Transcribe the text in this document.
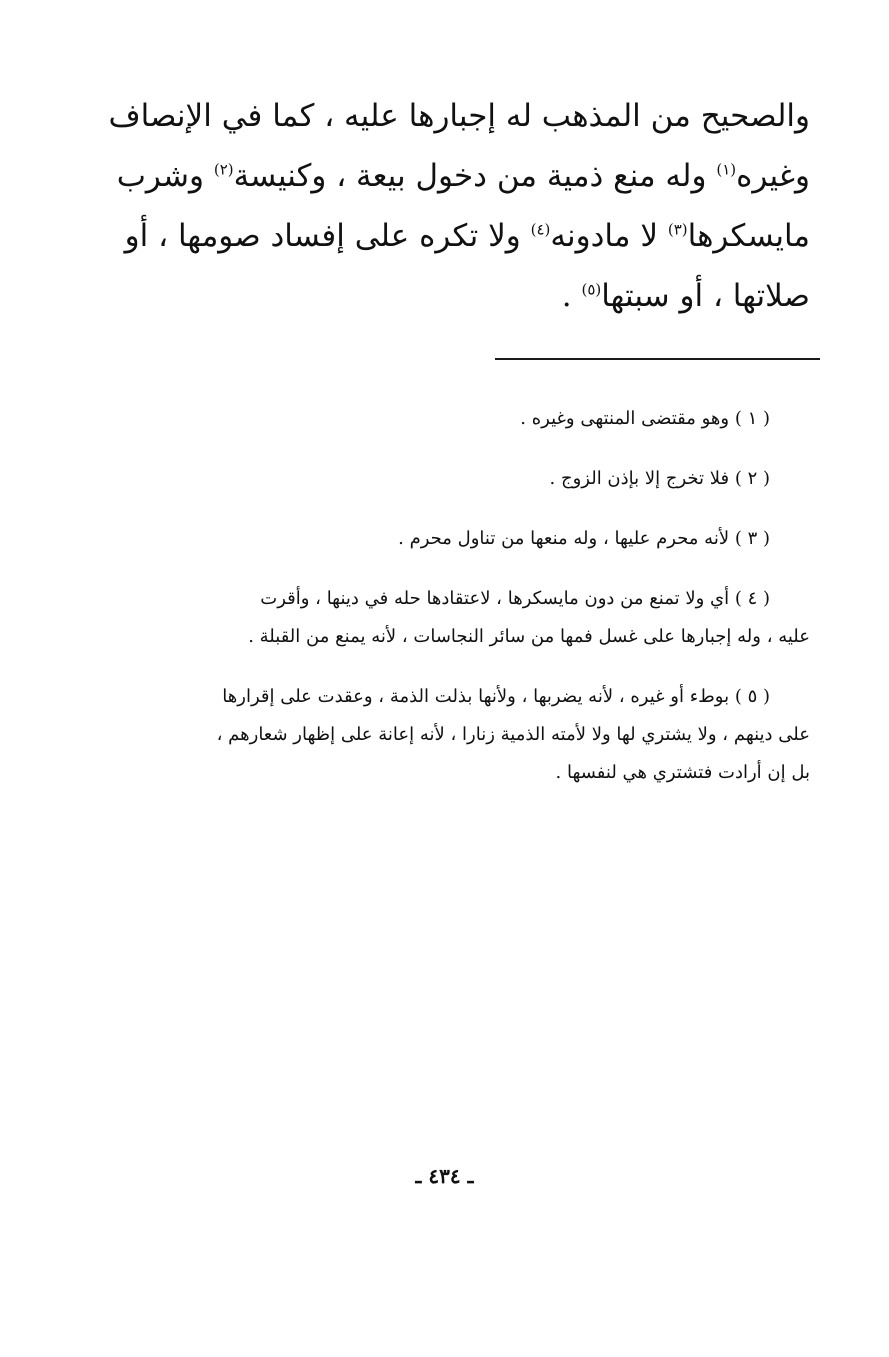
والصحيح من المذهب له إجبارها عليه ، كما في الإنصاف
وغيره$^{(١)}$ وله منع ذمية من دخول بيعة ، وكنيسة$^{(٢)}$ وشرب
مايسكرها$^{(٣)}$ لا مادونه$^{(٤)}$ ولا تكره على إفساد صومها ، أو
صلاتها ، أو سبتها$^{(٥)}$ .
( ١ ) وهو مقتضى المنتهى وغيره .
( ٢ ) فلا تخرج إلا بإذن الزوج .
( ٣ ) لأنه محرم عليها ، وله منعها من تناول محرم .
( ٤ ) أي ولا تمنع من دون مايسكرها ، لاعتقادها حله في دينها ، وأقرت
عليه ، وله إجبارها على غسل فمها من سائر النجاسات ، لأنه يمنع من القبلة .
( ٥ ) بوطء أو غيره ، لأنه يضربها ، ولأنها بذلت الذمة ، وعقدت على إقرارها
على دينهم ، ولا يشتري لها ولا لأمته الذمية زنارا ، لأنه إعانة على إظهار شعارهم ،
بل إن أرادت فتشتري هي لنفسها .
ـ ٤٣٤ ـ
